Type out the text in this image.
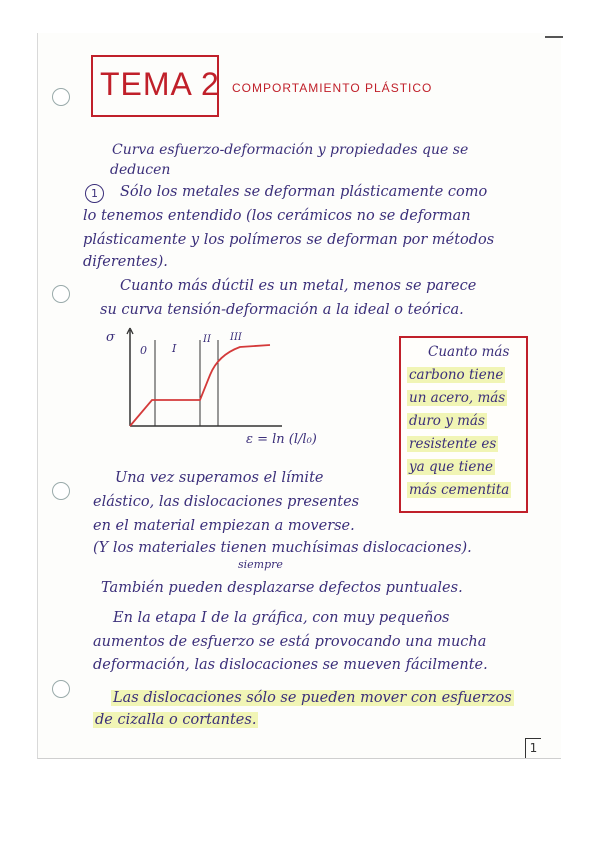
TEMA 2 COMPORTAMIENTO PLÁSTICO
Curva esfuerzo-deformación y propiedades que se
deducen
1	Sólo los metales se deforman plásticamente como
lo tenemos entendido (los cerámicos no se deforman
plásticamente y los polímeros se deforman por métodos
diferentes).
Cuanto más dúctil es un metal, menos se parece
su curva tensión-deformación a la ideal o teórica.
σ
0 I
II III
ε = ln (l/l₀)
Cuanto más
carbono tiene
un acero, más
duro y más
resistente es
ya que tiene
más cementita
Una vez superamos el límite
elástico, las dislocaciones presentes
en el material empiezan a moverse.
(Y los materiales tienen muchísimas dislocaciones).
siempre
También pueden desplazarse defectos puntuales.
En la etapa I de la gráfica, con muy pequeños
aumentos de esfuerzo se está provocando una mucha
deformación, las dislocaciones se mueven fácilmente.
Las dislocaciones sólo se pueden mover con esfuerzos
de cizalla o cortantes.
1
